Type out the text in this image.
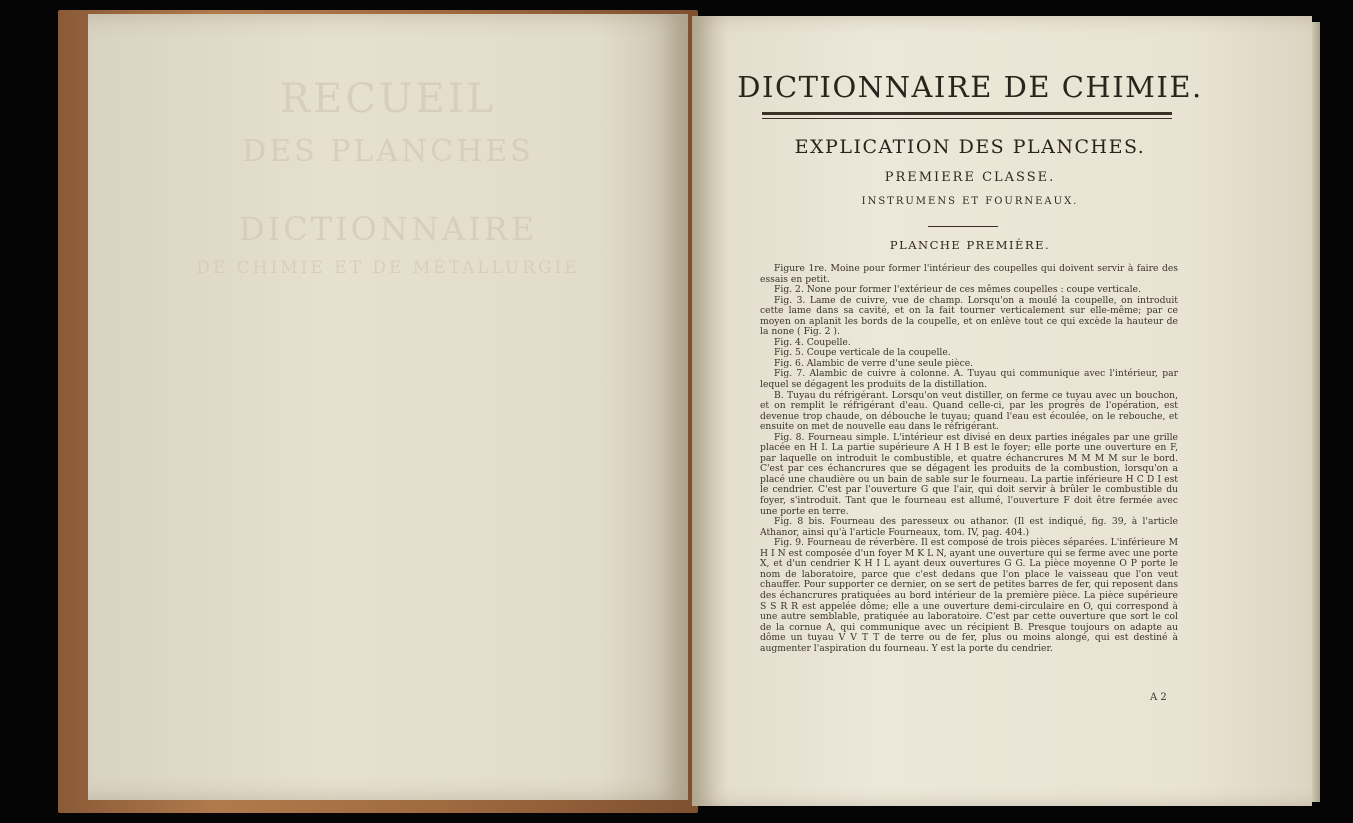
RECUEIL
DES PLANCHES
DICTIONNAIRE
DE CHIMIE ET DE MÉTALLURGIE
DICTIONNAIRE DE CHIMIE.
EXPLICATION DES PLANCHES.
PREMIERE CLASSE.
INSTRUMENS ET FOURNEAUX.
PLANCHE PREMIÈRE.

Figure 1re. Moine pour former l'intérieur des coupelles qui doivent servir à faire des essais en petit.

Fig. 2. None pour former l'extérieur de ces mêmes coupelles : coupe verticale.

Fig. 3. Lame de cuivre, vue de champ. Lorsqu'on a moulé la coupelle, on introduit cette lame dans sa cavité, et on la fait tourner verticalement sur elle-même; par ce moyen on aplanit les bords de la coupelle, et on enlève tout ce qui excède la hauteur de la none ( Fig. 2 ).

Fig. 4. Coupelle.

Fig. 5. Coupe verticale de la coupelle.

Fig. 6. Alambic de verre d'une seule pièce.

Fig. 7. Alambic de cuivre à colonne. A. Tuyau qui communique avec l'intérieur, par lequel se dégagent les produits de la distillation.

B. Tuyau du réfrigérant. Lorsqu'on veut distiller, on ferme ce tuyau avec un bouchon, et on remplit le réfrigérant d'eau. Quand celle-ci, par les progrès de l'opération, est devenue trop chaude, on débouche le tuyau; quand l'eau est écoulée, on le rebouche, et ensuite on met de nouvelle eau dans le réfrigérant.

Fig. 8. Fourneau simple. L'intérieur est divisé en deux parties inégales par une grille placée en H I. La partie supérieure A H I B est le foyer; elle porte une ouverture en F, par laquelle on introduit le combustible, et quatre échancrures M M M M sur le bord. C'est par ces échancrures que se dégagent les produits de la combustion, lorsqu'on a placé une chaudière ou un bain de sable sur le fourneau. La partie inférieure H C D I est le cendrier. C'est par l'ouverture G que l'air, qui doit servir à brûler le combustible du foyer, s'introduit. Tant que le fourneau est allumé, l'ouverture F doit être fermée avec une porte en terre.

Fig. 8 bis. Fourneau des paresseux ou athanor. (Il est indiqué, fig. 39, à l'article Athanor, ainsi qu'à l'article Fourneaux, tom. IV, pag. 404.)

Fig. 9. Fourneau de réverbère. Il est composé de trois pièces séparées. L'inférieure M H I N est composée d'un foyer M K L N, ayant une ouverture qui se ferme avec une porte X, et d'un cendrier K H I L ayant deux ouvertures G G. La pièce moyenne O P porte le nom de laboratoire, parce que c'est dedans que l'on place le vaisseau que l'on veut chauffer. Pour supporter ce dernier, on se sert de petites barres de fer, qui reposent dans des échancrures pratiquées au bord intérieur de la première pièce. La pièce supérieure S S R R est appelée dôme; elle a une ouverture demi-circulaire en O, qui correspond à une autre semblable, pratiquée au laboratoire. C'est par cette ouverture que sort le col de la cornue A, qui communique avec un récipient B. Presque toujours on adapte au dôme un tuyau V V T T de terre ou de fer, plus ou moins alongé, qui est destiné à augmenter l'aspiration du fourneau. Y est la porte du cendrier.

A 2
